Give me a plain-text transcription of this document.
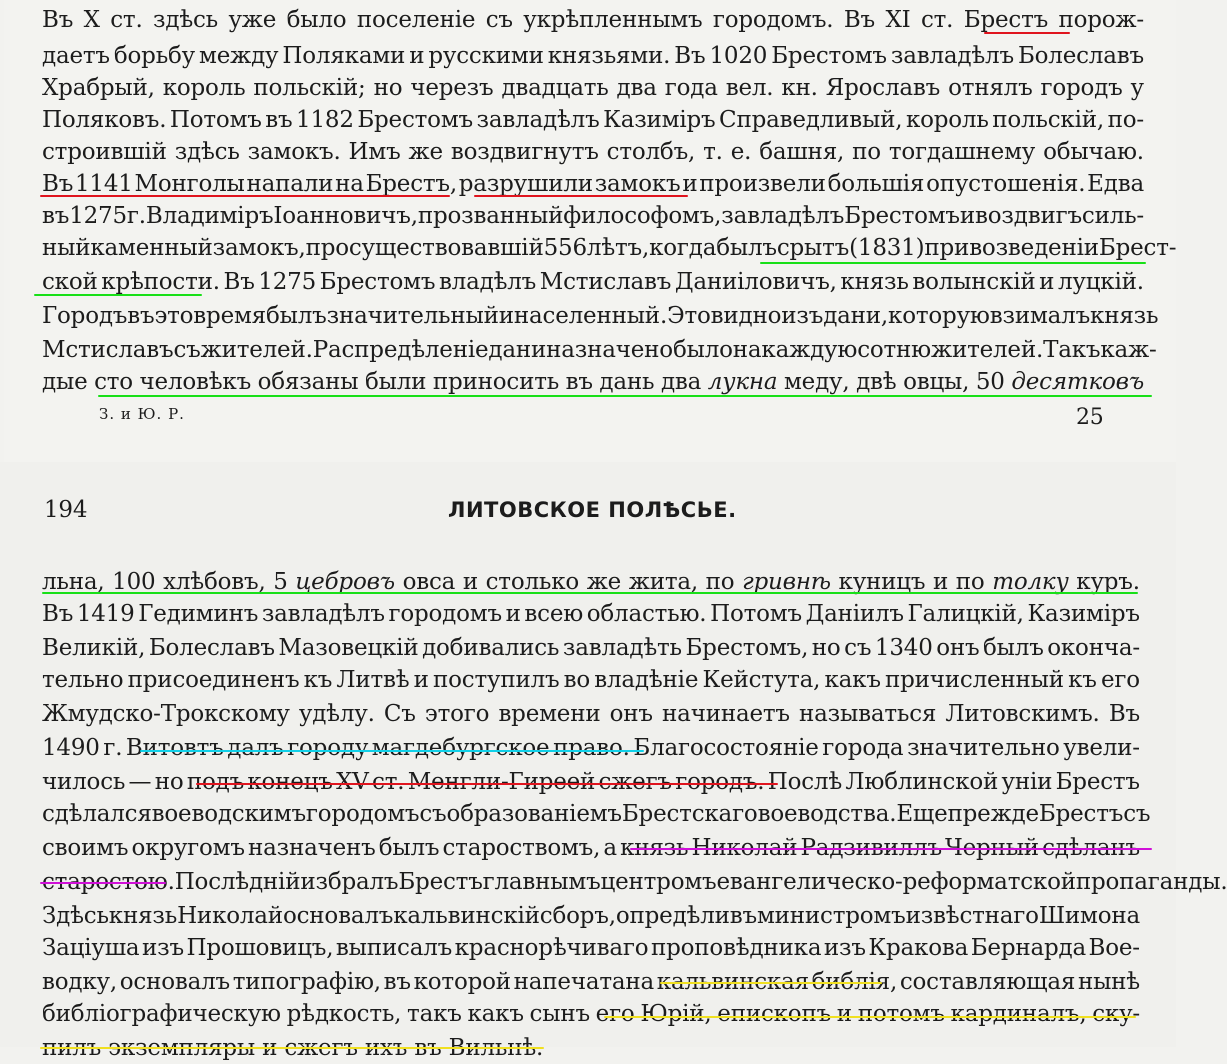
Въ X ст. здѣсь уже было поселеніе съ укрѣпленнымъ городомъ. Въ XI ст. Брестъ порож-
даетъ борьбу между Поляками и русскими князьями. Въ 1020 Брестомъ завладѣлъ Болеславъ
Храбрый, король польскій; но черезъ двадцать два года вел. кн. Ярославъ отнялъ городъ у
Поляковъ. Потомъ въ 1182 Брестомъ завладѣлъ Казиміръ Справедливый, король польскій, по-
строившій здѣсь замокъ. Имъ же воздвигнутъ столбъ, т. е. башня, по тогдашнему обычаю.
Въ 1141 Монголы напали на Брестъ, разрушили замокъ и произвели большія опустошенія. Едва
въ 1275 г. Владиміръ Іоанновичъ, прозванный философомъ, завладѣлъ Брестомъ и воздвигъ силь-
ный каменный замокъ, просуществовавшій 556 лѣтъ, когда былъ срытъ (1831) при возведеніи Брест-
ской крѣпости. Въ 1275 Брестомъ владѣлъ Мстиславъ Даниіловичъ, князь волынскій и луцкій.
Городъ въ это время былъ значительный и населенный. Это видно изъ дани, которую взималъ князь
Мстиславъ съ жителей. Распредѣленіе дани назначено было на каждую сотню жителей. Такъ каж-
дые сто человѣкъ обязаны были приносить въ дань два лукна меду, двѣ овцы, 50 десятковъ
З. и Ю. Р.	25
194	ЛИТОВСКОЕ ПОЛѢСЬЕ.
льна, 100 хлѣбовъ, 5 цебровъ овса и столько же жита, по гривнѣ куницъ и по толку куръ.
Въ 1419 Гедиминъ завладѣлъ городомъ и всею областью. Потомъ Даніилъ Галицкій, Казиміръ
Великій, Болеславъ Мазовецкій добивались завладѣть Брестомъ, но съ 1340 онъ былъ оконча-
тельно присоединенъ къ Литвѣ и поступилъ во владѣніе Кейстута, какъ причисленный къ его
Жмудско-Трокскому удѣлу. Съ этого времени онъ начинаетъ называться Литовскимъ. Въ
1490 г. Витовтъ далъ городу магдебургское право. Благосостояніе города значительно увели-
чилось — но подъ конецъ XV ст. Менгли-Гиреей сжегъ городъ. Послѣ Люблинской уніи Брестъ
сдѣлался воеводскимъ городомъ съ образованіемъ Брестскаго воеводства. Еще прежде Брестъ съ
своимъ округомъ назначенъ былъ староствомъ, а князь Николай Радзивиллъ Черный сдѣланъ
старостою. Послѣдній избралъ Брестъ главнымъ центромъ евангелическо-реформатской пропаганды.
Здѣсь князь Николай основалъ кальвинскій сборъ, опредѣливъ министромъ извѣстнаго Шимона
Заціуша изъ Прошовицъ, выписалъ краснорѣчиваго проповѣдника изъ Кракова Бернарда Вое-
водку, основалъ типографію, въ которой напечатана кальвинская библія, составляющая нынѣ
библіографическую рѣдкость, такъ какъ сынъ его Юрій, епископъ и потомъ кардиналъ, ску-
пилъ экземпляры и сжегъ ихъ въ Вильнѣ.
